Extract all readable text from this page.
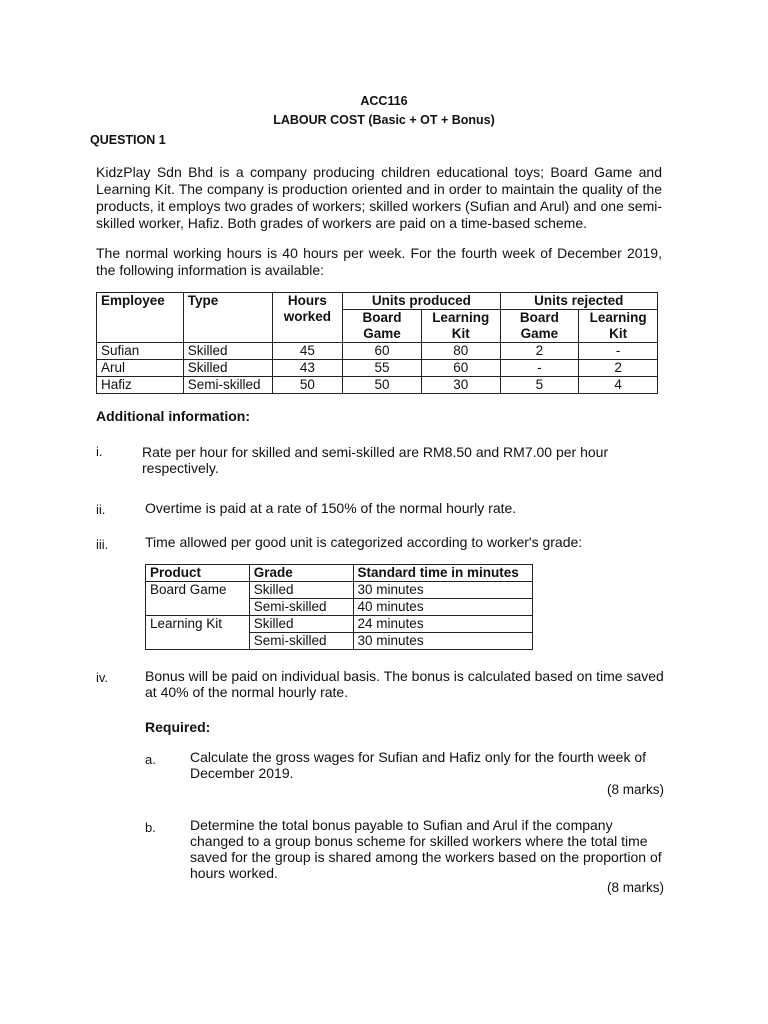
ACC116
LABOUR COST (Basic + OT + Bonus)
QUESTION 1
KidzPlay Sdn Bhd is a company producing children educational toys; Board Game and Learning Kit. The company is production oriented and in order to maintain the quality of the products, it employs two grades of workers; skilled workers (Sufian and Arul) and one semi-skilled worker, Hafiz. Both grades of workers are paid on a time-based scheme.
The normal working hours is 40 hours per week. For the fourth week of December 2019, the following information is available:
Employee	Type	Hours worked	Units produced		Units rejected	
			Board Game	Learning Kit	Board Game	Learning Kit
Sufian	Skilled	45	60	80	2	-
Arul	Skilled	43	55	60	-	2
Hafiz	Semi-skilled	50	50	30	5	4
Additional information:
i.	Rate per hour for skilled and semi-skilled are RM8.50 and RM7.00 per hour respectively.
ii.	Overtime is paid at a rate of 150% of the normal hourly rate.
iii.	Time allowed per good unit is categorized according to worker's grade:
Product	Grade	Standard time in minutes
Board Game	Skilled	30 minutes
	Semi-skilled	40 minutes
Learning Kit	Skilled	24 minutes
	Semi-skilled	30 minutes
iv.	Bonus will be paid on individual basis. The bonus is calculated based on time saved at 40% of the normal hourly rate.
Required:
a. Calculate the gross wages for Sufian and Hafiz only for the fourth week of December 2019.
(8 marks)
b. Determine the total bonus payable to Sufian and Arul if the company changed to a group bonus scheme for skilled workers where the total time saved for the group is shared among the workers based on the proportion of hours worked.
(8 marks)
